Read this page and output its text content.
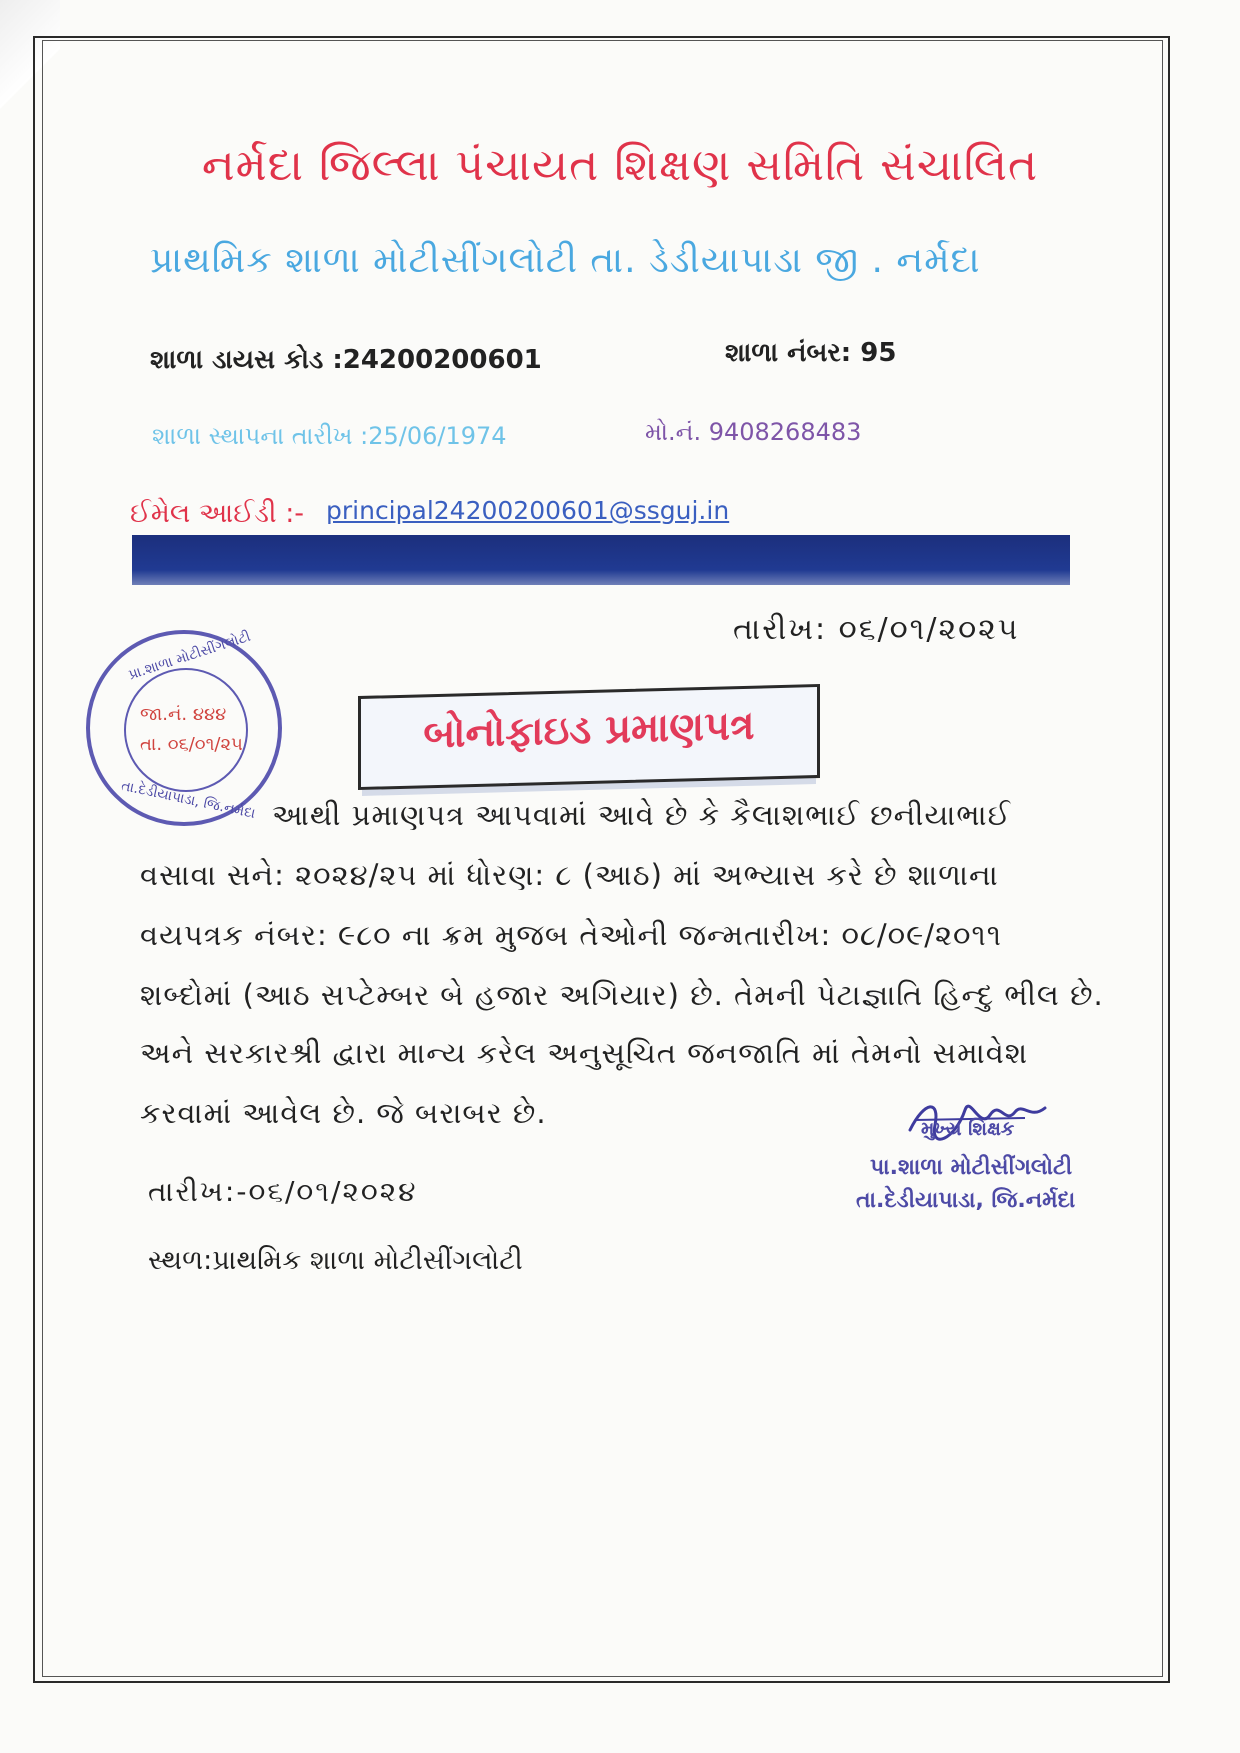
નર્મદા જિલ્લા પંચાયત શિક્ષણ સમિતિ સંચાલિત
પ્રાથમિક શાળા મોટીસીંગલોટી તા. ડેડીયાપાડા જી . નર્મદા
શાળા ડાયસ કોડ :24200200601	શાળા નંબર: 95
શાળા સ્થાપના તારીખ :25/06/1974	મો.નં. 9408268483
ઈમેલ આઈડી :- principal24200200601@ssguj.in
તારીખ: ૦૬/૦૧/૨૦૨૫
પ્રા.શાળા મોટીસીંગલોટી
જા.નં. ૪૪૪
તા. ૦૬/૦૧/૨૫
તા.દેડીયાપાડા, જિ.નર્મદા
બોનોફાઇડ પ્રમાણપત્ર
આથી પ્રમાણપત્ર આપવામાં આવે છે કે કૈલાશભાઈ છનીયાભાઈ
વસાવા સને: ૨૦૨૪/૨૫ માં ધોરણ: ૮ (આઠ) માં અભ્યાસ કરે છે શાળાના
વયપત્રક નંબર: ૯૮૦ ના ક્રમ મુજબ તેઓની જન્મતારીખ: ૦૮/૦૯/૨૦૧૧
શબ્દોમાં (આઠ સપ્ટેમ્બર બે હજાર અગિયાર) છે. તેમની પેટાજ્ઞાતિ હિન્દુ ભીલ છે.
અને સરકારશ્રી દ્વારા માન્ય કરેલ અનુસૂચિત જનજાતિ માં તેમનો સમાવેશ
કરવામાં આવેલ છે. જે બરાબર છે.	મુખ્ય શિક્ષક
પા.શાળા મોટીસીંગલોટી
તા.દેડીયાપાડા, જિ.નર્મદા
તારીખ:-૦૬/૦૧/૨૦૨૪
સ્થળ:પ્રાથમિક શાળા મોટીસીંગલોટી
